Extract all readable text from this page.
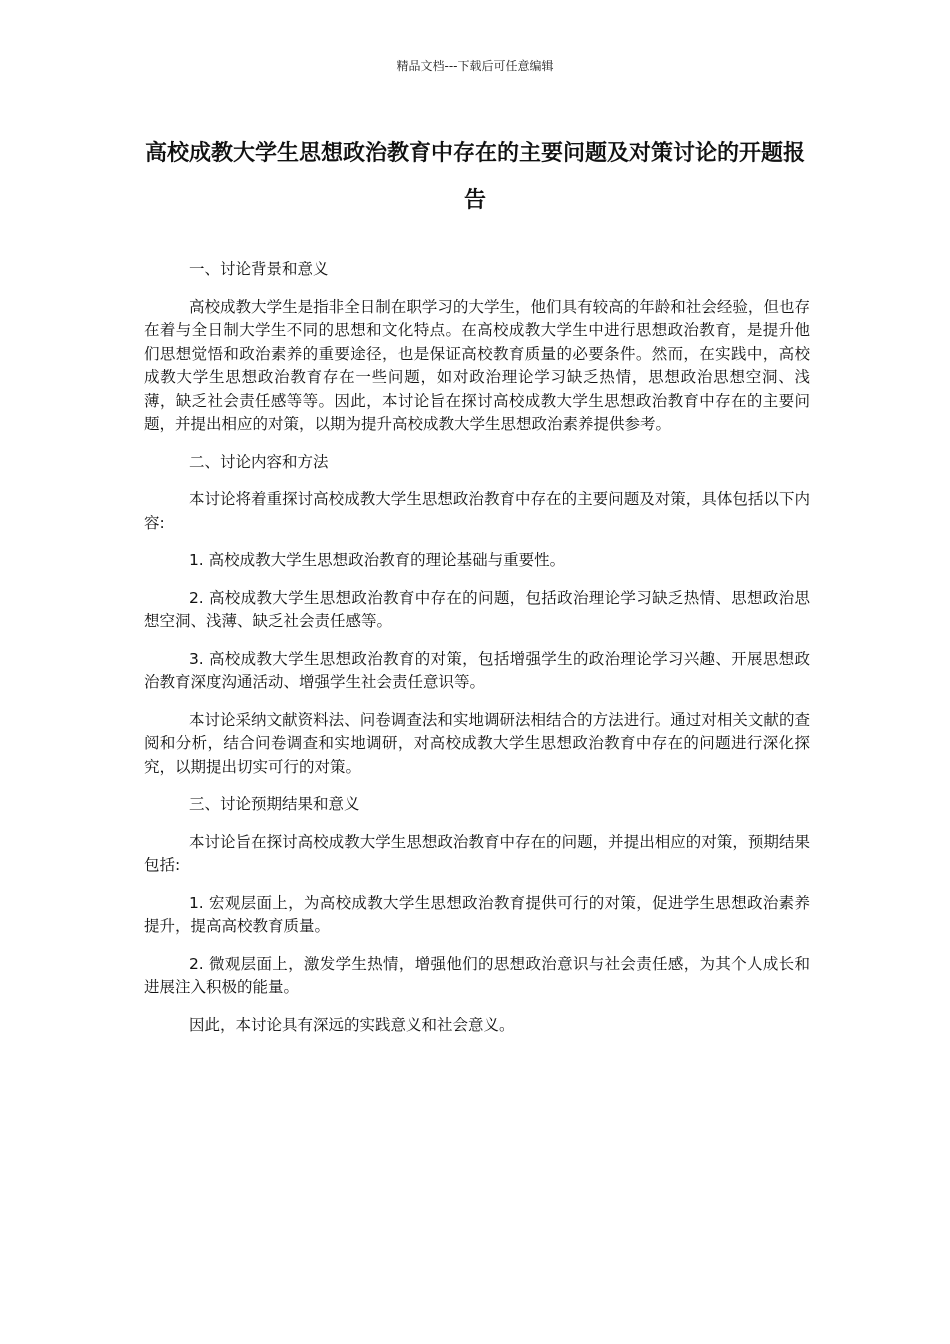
精品文档---下载后可任意编辑
高校成教大学生思想政治教育中存在的主要问题及对策讨论的开题报告

一、讨论背景和意义

高校成教大学生是指非全日制在职学习的大学生，他们具有较高的年龄和社会经验，但也存在着与全日制大学生不同的思想和文化特点。在高校成教大学生中进行思想政治教育，是提升他们思想觉悟和政治素养的重要途径，也是保证高校教育质量的必要条件。然而，在实践中，高校成教大学生思想政治教育存在一些问题，如对政治理论学习缺乏热情，思想政治思想空洞、浅薄，缺乏社会责任感等等。因此，本讨论旨在探讨高校成教大学生思想政治教育中存在的主要问题，并提出相应的对策，以期为提升高校成教大学生思想政治素养提供参考。

二、讨论内容和方法

本讨论将着重探讨高校成教大学生思想政治教育中存在的主要问题及对策，具体包括以下内容:

1. 高校成教大学生思想政治教育的理论基础与重要性。

2. 高校成教大学生思想政治教育中存在的问题，包括政治理论学习缺乏热情、思想政治思想空洞、浅薄、缺乏社会责任感等。

3. 高校成教大学生思想政治教育的对策，包括增强学生的政治理论学习兴趣、开展思想政治教育深度沟通活动、增强学生社会责任意识等。

本讨论采纳文献资料法、问卷调查法和实地调研法相结合的方法进行。通过对相关文献的查阅和分析，结合问卷调查和实地调研，对高校成教大学生思想政治教育中存在的问题进行深化探究，以期提出切实可行的对策。

三、讨论预期结果和意义

本讨论旨在探讨高校成教大学生思想政治教育中存在的问题，并提出相应的对策，预期结果包括:

1. 宏观层面上，为高校成教大学生思想政治教育提供可行的对策，促进学生思想政治素养提升，提高高校教育质量。

2. 微观层面上，激发学生热情，增强他们的思想政治意识与社会责任感，为其个人成长和进展注入积极的能量。

因此，本讨论具有深远的实践意义和社会意义。
